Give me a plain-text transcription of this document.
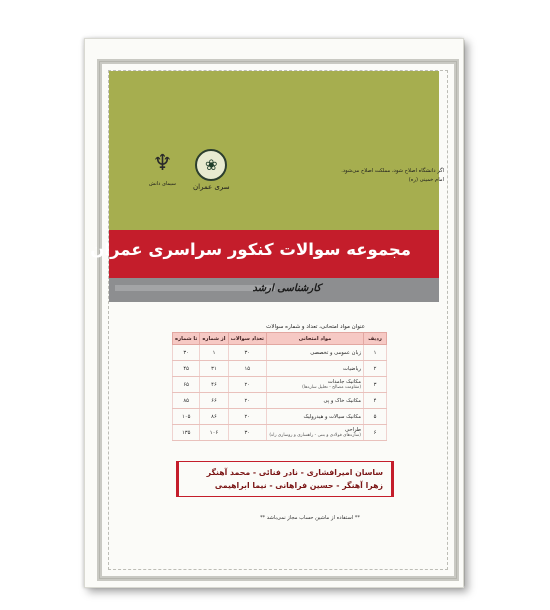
❀
سری عمران
♆
سیمای دانش
اگر دانشگاه اصلاح شود، مملکت اصلاح می‌شود.
امام خمینی (ره)
مجموعه سوالات کنکور سراسری عمران
کارشناسی ارشد
عنوان مواد امتحانی، تعداد و شماره سوالات
ردیف	مواد امتحانی	تعداد سوالات	از شماره	تا شماره
۱	زبان عمومی و تخصصی	۳۰	۱	۳۰
۲	ریاضیات	۱۵	۳۱	۴۵
۳	مکانیک جامدات
(مقاومت مصالح - تحلیل سازه‌ها)	۲۰	۴۶	۶۵
۴	مکانیک خاک و پی	۲۰	۶۶	۸۵
۵	مکانیک سیالات و هیدرولیک	۲۰	۸۶	۱۰۵
۶	طراحی
(سازه‌های فولادی و بتنی - راهسازی و روسازی راه)	۳۰	۱۰۶	۱۳۵
ساسان امیرافشاری - نادر فنائی - محمد آهنگر
زهرا آهنگر - حسین فراهانی - نیما ابراهیمی
** استفاده از ماشین حساب مجاز نمی‌باشد **
